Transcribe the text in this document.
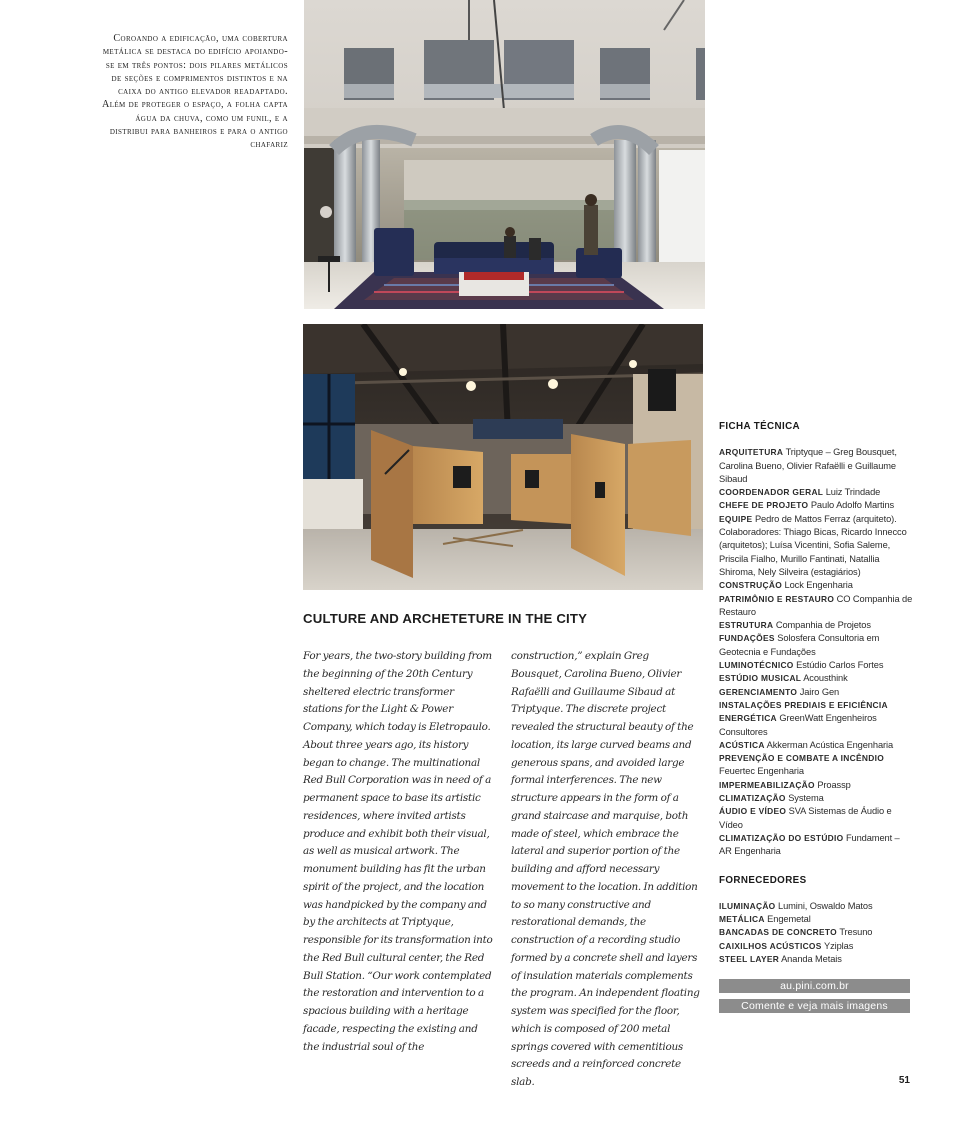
Coroando a edificação, uma cobertura metálica se destaca do edifício apoiando-se em três pontos: dois pilares metálicos de seções e comprimentos distintos e na caixa do antigo elevador readaptado. Além de proteger o espaço, a folha capta água da chuva, como um funil, e a distribui para banheiros e para o antigo chafariz
CULTURE AND ARCHETETURE IN THE CITY

For years, the two-story building from the beginning of the 20th Century sheltered electric transformer stations for the Light & Power Company, which today is Eletropaulo. About three years ago, its history began to change. The multinational Red Bull Corporation was in need of a permanent space to base its artistic residences, where invited artists produce and exhibit both their visual, as well as musical artwork. The monument building has fit the urban spirit of the project, and the location was handpicked by the company and by the architects at Triptyque, responsible for its transformation into the Red Bull cultural center, the Red Bull Station. “Our work contemplated the restoration and intervention to a spacious building with a heritage facade, respecting the existing and the industrial soul of the

construction,” explain Greg Bousquet, Carolina Bueno, Olivier Rafaëlli and Guillaume Sibaud at Triptyque. The discrete project revealed the structural beauty of the location, its large curved beams and generous spans, and avoided large formal interferences. The new structure appears in the form of a grand staircase and marquise, both made of steel, which embrace the lateral and superior portion of the building and afford necessary movement to the location. In addition to so many constructive and restorational demands, the construction of a recording studio formed by a concrete shell and layers of insulation materials complements the program. An independent floating system was specified for the floor, which is composed of 200 metal springs covered with cementitious screeds and a reinforced concrete slab.

FICHA TÉCNICA

ARQUITETURA Triptyque – Greg Bousquet, Carolina Bueno, Olivier Rafaëlli e Guillaume Sibaud

COORDENADOR GERAL Luiz Trindade

CHEFE DE PROJETO Paulo Adolfo Martins

EQUIPE Pedro de Mattos Ferraz (arquiteto). Colaboradores: Thiago Bicas, Ricardo Innecco (arquitetos); Luísa Vicentini, Sofia Saleme, Priscila Fialho, Murillo Fantinati, Natallia Shiroma, Nely Silveira (estagiários)

CONSTRUÇÃO Lock Engenharia

PATRIMÔNIO E RESTAURO CO Companhia de Restauro

ESTRUTURA Companhia de Projetos

FUNDAÇÕES Solosfera Consultoria em Geotecnia e Fundações

LUMINOTÉCNICO Estúdio Carlos Fortes

ESTÚDIO MUSICAL Acousthink

GERENCIAMENTO Jairo Gen

INSTALAÇÕES PREDIAIS E EFICIÊNCIA ENERGÉTICA GreenWatt Engenheiros Consultores

ACÚSTICA Akkerman Acústica Engenharia

PREVENÇÃO E COMBATE A INCÊNDIO Feuertec Engenharia

IMPERMEABILIZAÇÃO Proassp

CLIMATIZAÇÃO Systema

ÁUDIO E VÍDEO SVA Sistemas de Áudio e Vídeo

CLIMATIZAÇÃO DO ESTÚDIO Fundament – AR Engenharia

FORNECEDORES

ILUMINAÇÃO Lumini, Oswaldo Matos

METÁLICA Engemetal

BANCADAS DE CONCRETO Tresuno

CAIXILHOS ACÚSTICOS Yziplas

STEEL LAYER Ananda Metais

au.pini.com.br
Comente e veja mais imagens
51
